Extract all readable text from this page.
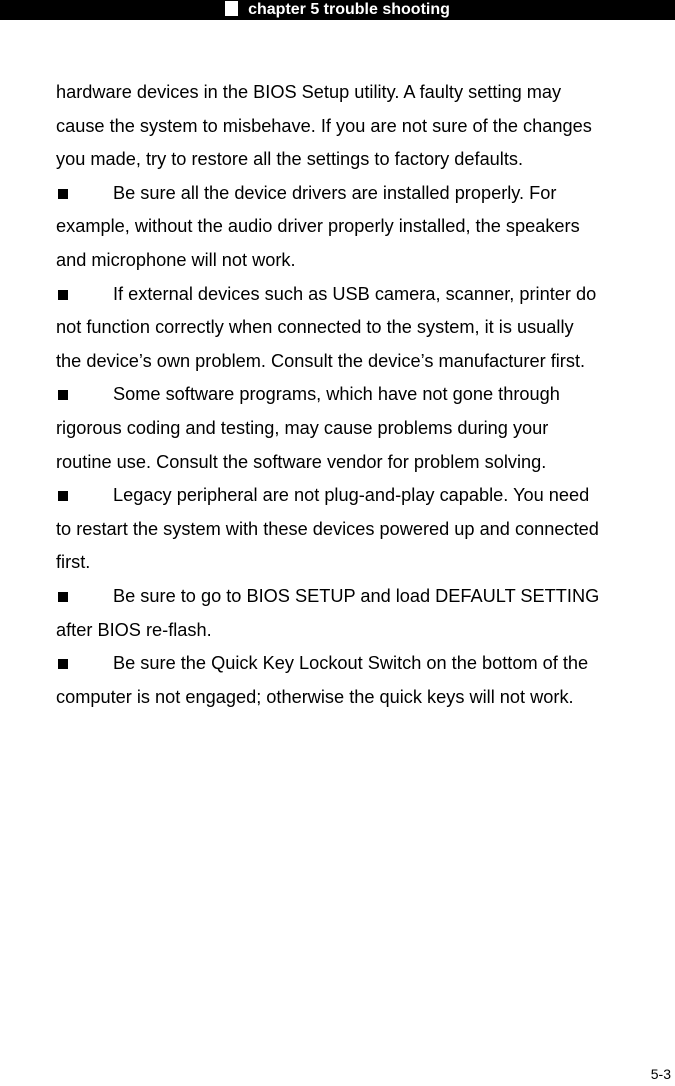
chapter 5 trouble shooting
hardware devices in the BIOS Setup utility. A faulty setting may
cause the system to misbehave. If you are not sure of the changes
you made, try to restore all the settings to factory defaults.
Be sure all the device drivers are installed properly. For
example, without the audio driver properly installed, the speakers
and microphone will not work.
If external devices such as USB camera, scanner, printer do
not function correctly when connected to the system, it is usually
the device’s own problem. Consult the device’s manufacturer first.
Some software programs, which have not gone through
rigorous coding and testing, may cause problems during your
routine use. Consult the software vendor for problem solving.
Legacy peripheral are not plug-and-play capable. You need
to restart the system with these devices powered up and connected
first.
Be sure to go to BIOS SETUP and load DEFAULT SETTING
after BIOS re-flash.
Be sure the Quick Key Lockout Switch on the bottom of the
computer is not engaged; otherwise the quick keys will not work.
5-3
